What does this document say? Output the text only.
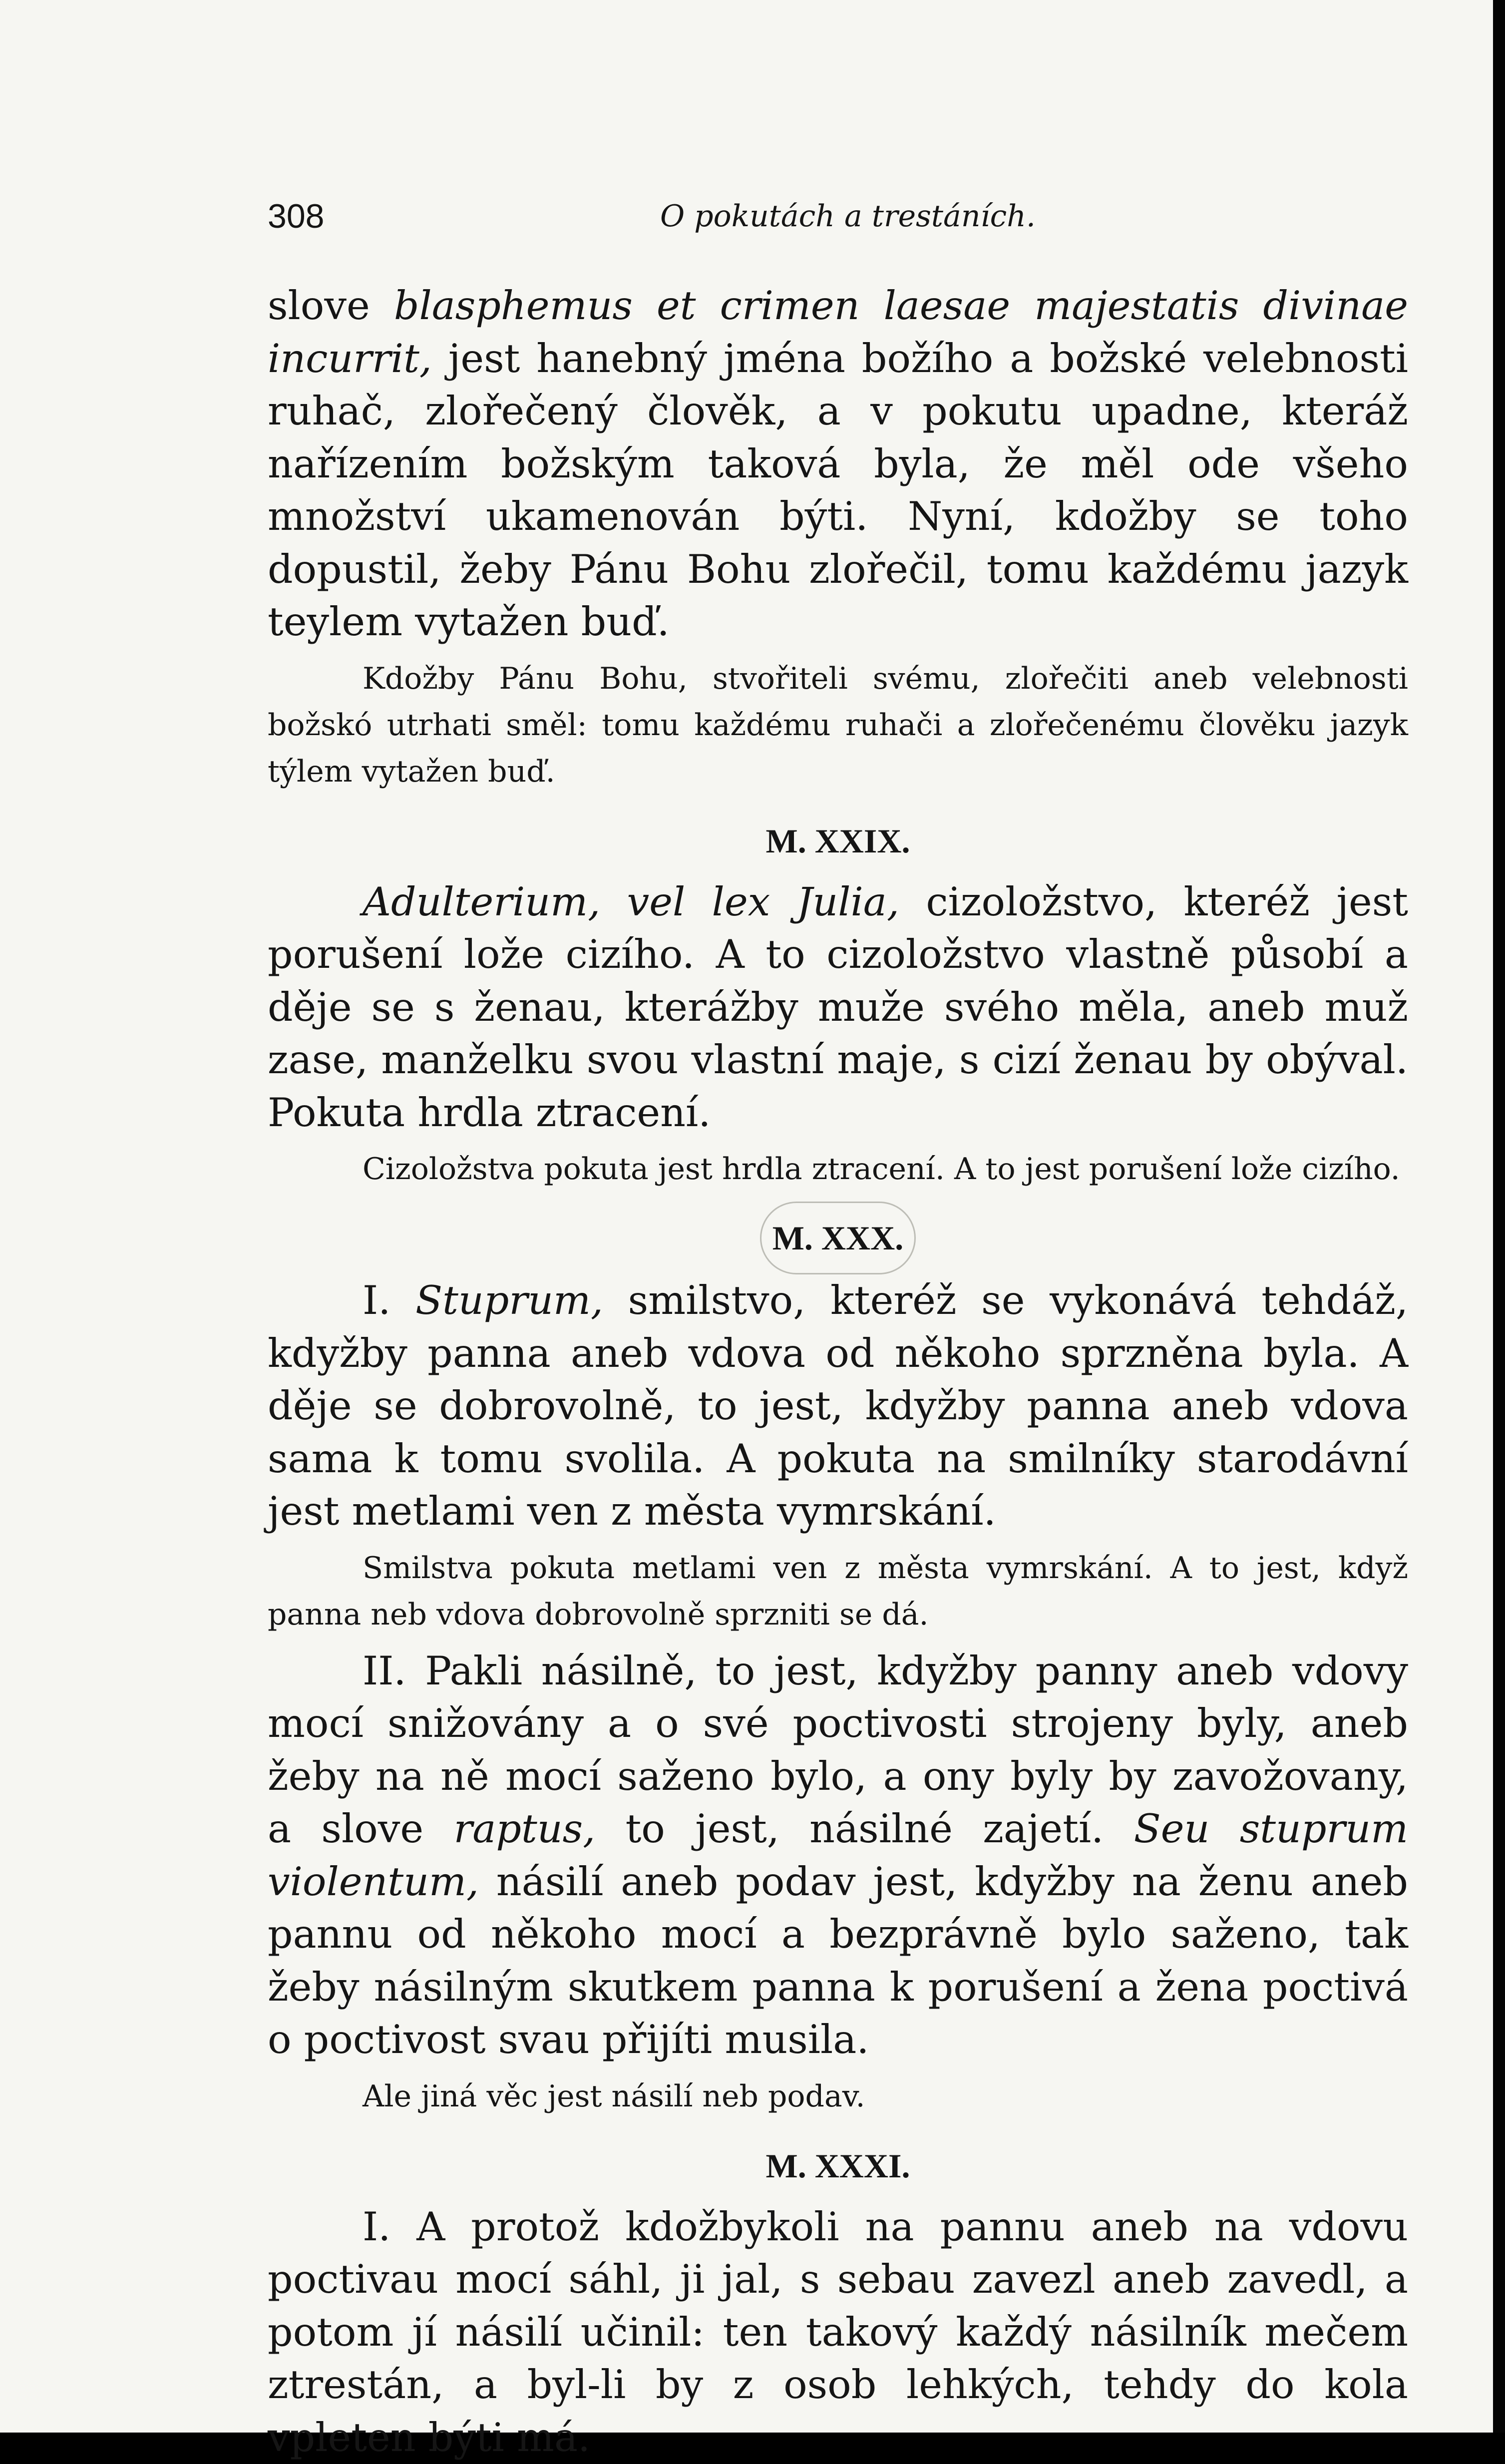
308	O pokutách a trestáních.

slove blasphemus et crimen laesae majestatis divinae incurrit, jest hanebný jména božího a božské velebnosti ruhač, zlořečený člověk, a v pokutu upadne, kteráž nařízením božským taková byla, že měl ode všeho množství ukamenován býti. Nyní, kdožby se toho dopustil, žeby Pánu Bohu zlořečil, tomu každému jazyk teylem vytažen buď.

Kdožby Pánu Bohu, stvořiteli svému, zlořečiti aneb velebnosti božskó utrhati směl: tomu každému ruhači a zlořečenému člověku jazyk týlem vytažen buď.

M. XXIX.

Adulterium, vel lex Julia, cizoložstvo, kteréž jest porušení lože cizího. A to cizoložstvo vlastně působí a děje se s ženau, kterážby muže svého měla, aneb muž zase, manželku svou vlastní maje, s cizí ženau by obýval. Pokuta hrdla ztracení.

Cizoložstva pokuta jest hrdla ztracení. A to jest porušení lože cizího.

M. XXX.

I. Stuprum, smilstvo, kteréž se vykonává tehdáž, kdyžby panna aneb vdova od někoho sprzněna byla. A děje se dobrovolně, to jest, kdyžby panna aneb vdova sama k tomu svolila. A pokuta na smilníky starodávní jest metlami ven z města vymrskání.

Smilstva pokuta metlami ven z města vymrskání. A to jest, když panna neb vdova dobrovolně sprzniti se dá.

II. Pakli násilně, to jest, kdyžby panny aneb vdovy mocí snižovány a o své poctivosti strojeny byly, aneb žeby na ně mocí saženo bylo, a ony byly by zavožovany, a slove raptus, to jest, násilné zajetí. Seu stuprum violentum, násilí aneb podav jest, kdyžby na ženu aneb pannu od někoho mocí a bezprávně bylo saženo, tak žeby násilným skutkem panna k porušení a žena poctivá o poctivost svau přijíti musila.

Ale jiná věc jest násilí neb podav.

M. XXXI.

I. A protož kdožbykoli na pannu aneb na vdovu poctivau mocí sáhl, ji jal, s sebau zavezl aneb zavedl, a potom jí násilí učinil: ten takový každý násilník mečem ztrestán, a byl-li by z osob lehkých, tehdy do kola vpleten býti má.
